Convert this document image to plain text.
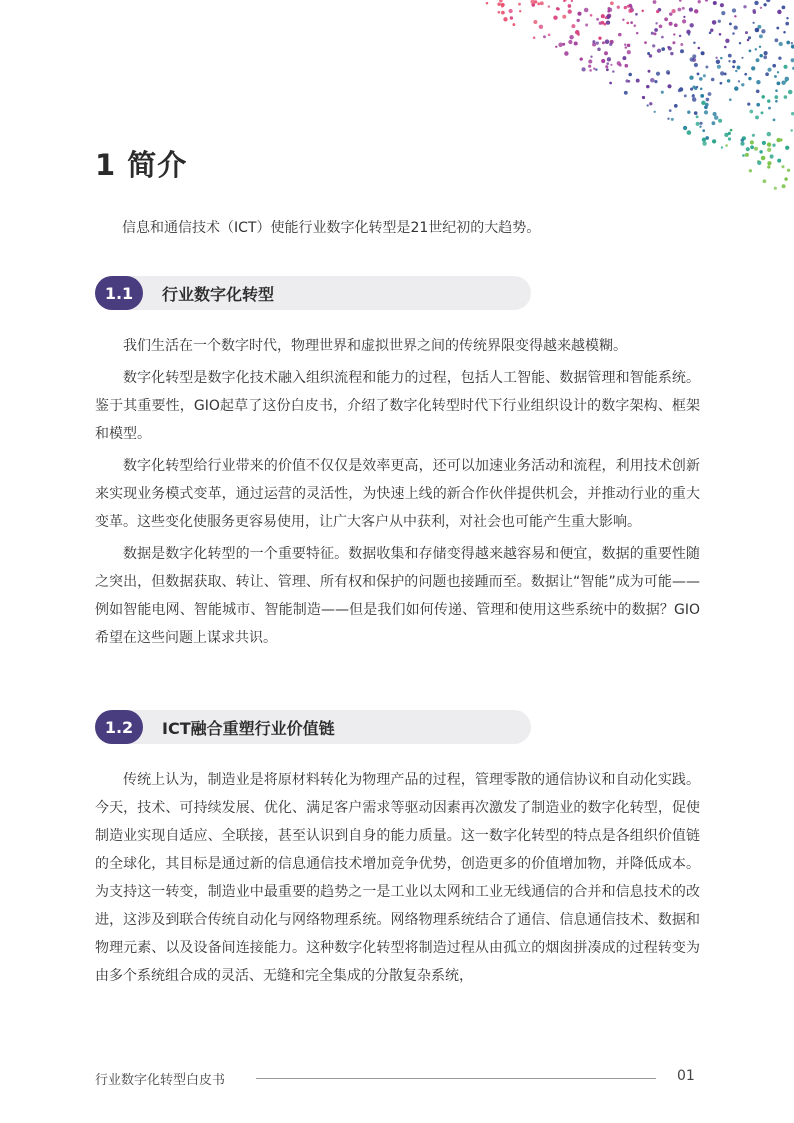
1 简介

信息和通信技术（ICT）使能行业数字化转型是21世纪初的大趋势。

1.1	行业数字化转型

我们生活在一个数字时代，物理世界和虚拟世界之间的传统界限变得越来越模糊。

数字化转型是数字化技术融入组织流程和能力的过程，包括人工智能、数据管理和智能系统。鉴于其重要性，GIO起草了这份白皮书，介绍了数字化转型时代下行业组织设计的数字架构、框架和模型。

数字化转型给行业带来的价值不仅仅是效率更高，还可以加速业务活动和流程，利用技术创新来实现业务模式变革，通过运营的灵活性，为快速上线的新合作伙伴提供机会，并推动行业的重大变革。这些变化使服务更容易使用，让广大客户从中获利，对社会也可能产生重大影响。

数据是数字化转型的一个重要特征。数据收集和存储变得越来越容易和便宜，数据的重要性随之突出，但数据获取、转让、管理、所有权和保护的问题也接踵而至。数据让“智能”成为可能——例如智能电网、智能城市、智能制造——但是我们如何传递、管理和使用这些系统中的数据？GIO希望在这些问题上谋求共识。

1.2	ICT融合重塑行业价值链

传统上认为，制造业是将原材料转化为物理产品的过程，管理零散的通信协议和自动化实践。今天，技术、可持续发展、优化、满足客户需求等驱动因素再次激发了制造业的数字化转型，促使制造业实现自适应、全联接，甚至认识到自身的能力质量。这一数字化转型的特点是各组织价值链的全球化，其目标是通过新的信息通信技术增加竞争优势，创造更多的价值增加物，并降低成本。为支持这一转变，制造业中最重要的趋势之一是工业以太网和工业无线通信的合并和信息技术的改进，这涉及到联合传统自动化与网络物理系统。网络物理系统结合了通信、信息通信技术、数据和物理元素、以及设备间连接能力。这种数字化转型将制造过程从由孤立的烟囱拼凑成的过程转变为由多个系统组合成的灵活、无缝和完全集成的分散复杂系统，

行业数字化转型白皮书	01
